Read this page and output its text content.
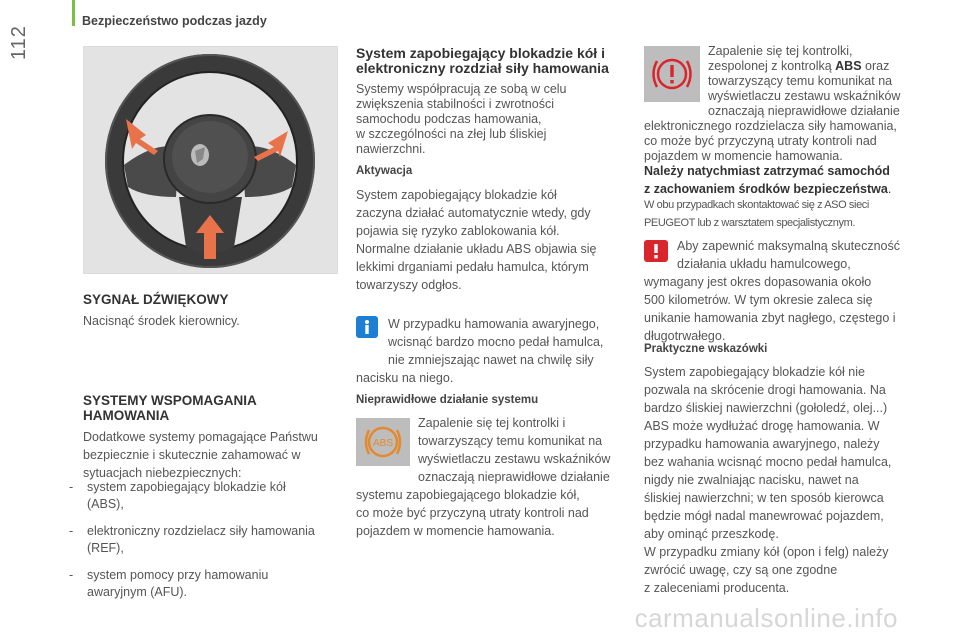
Bezpieczeństwo podczas jazdy
112
SYGNAŁ DŹWIĘKOWY
Nacisnąć środek kierownicy.
SYSTEMY WSPOMAGANIA
HAMOWANIA
Dodatkowe systemy pomagające Państwu
bezpiecznie i skutecznie zahamować w
sytuacjach niebezpiecznych:
- system zapobiegający blokadzie kół
(ABS),
- elektroniczny rozdzielacz siły hamowania
(REF),
- system pomocy przy hamowaniu
awaryjnym (AFU).
System zapobiegający blokadzie kół i
elektroniczny rozdział siły hamowania
Systemy współpracują ze sobą w celu
zwiększenia stabilności i zwrotności
samochodu podczas hamowania,
w szczególności na złej lub śliskiej
nawierzchni.
Aktywacja
System zapobiegający blokadzie kół
zaczyna działać automatycznie wtedy, gdy
pojawia się ryzyko zablokowania kół.
Normalne działanie układu ABS objawia się
lekkimi drganiami pedału hamulca, którym
towarzyszy odgłos.
W przypadku hamowania awaryjnego,
wcisnąć bardzo mocno pedał hamulca,
nie zmniejszając nawet na chwilę siły
nacisku na niego.
Nieprawidłowe działanie systemu
ABS
Zapalenie się tej kontrolki i
towarzyszący temu komunikat na
wyświetlaczu zestawu wskaźników
oznaczają nieprawidłowe działanie
systemu zapobiegającego blokadzie kół,
co może być przyczyną utraty kontroli nad
pojazdem w momencie hamowania.
Zapalenie się tej kontrolki,
zespolonej z kontrolką ABS oraz
towarzyszący temu komunikat na
wyświetlaczu zestawu wskaźników
oznaczają nieprawidłowe działanie
elektronicznego rozdzielacza siły hamowania,
co może być przyczyną utraty kontroli nad
pojazdem w momencie hamowania.
Należy natychmiast zatrzymać samochód
z zachowaniem środków bezpieczeństwa.
W obu przypadkach skontaktować się z ASO sieci
PEUGEOT lub z warsztatem specjalistycznym.
Aby zapewnić maksymalną skuteczność
działania układu hamulcowego,
wymagany jest okres dopasowania około
500 kilometrów. W tym okresie zaleca się
unikanie hamowania zbyt nagłego, częstego i
długotrwałego.
Praktyczne wskazówki
System zapobiegający blokadzie kół nie
pozwala na skrócenie drogi hamowania. Na
bardzo śliskiej nawierzchni (gołoledź, olej...)
ABS może wydłużać drogę hamowania. W
przypadku hamowania awaryjnego, należy
bez wahania wcisnąć mocno pedał hamulca,
nigdy nie zwalniając nacisku, nawet na
śliskiej nawierzchni; w ten sposób kierowca
będzie mógł nadal manewrować pojazdem,
aby ominąć przeszkodę.
W przypadku zmiany kół (opon i felg) należy
zwrócić uwagę, czy są one zgodne
z zaleceniami producenta.
carmanualsonline.info
